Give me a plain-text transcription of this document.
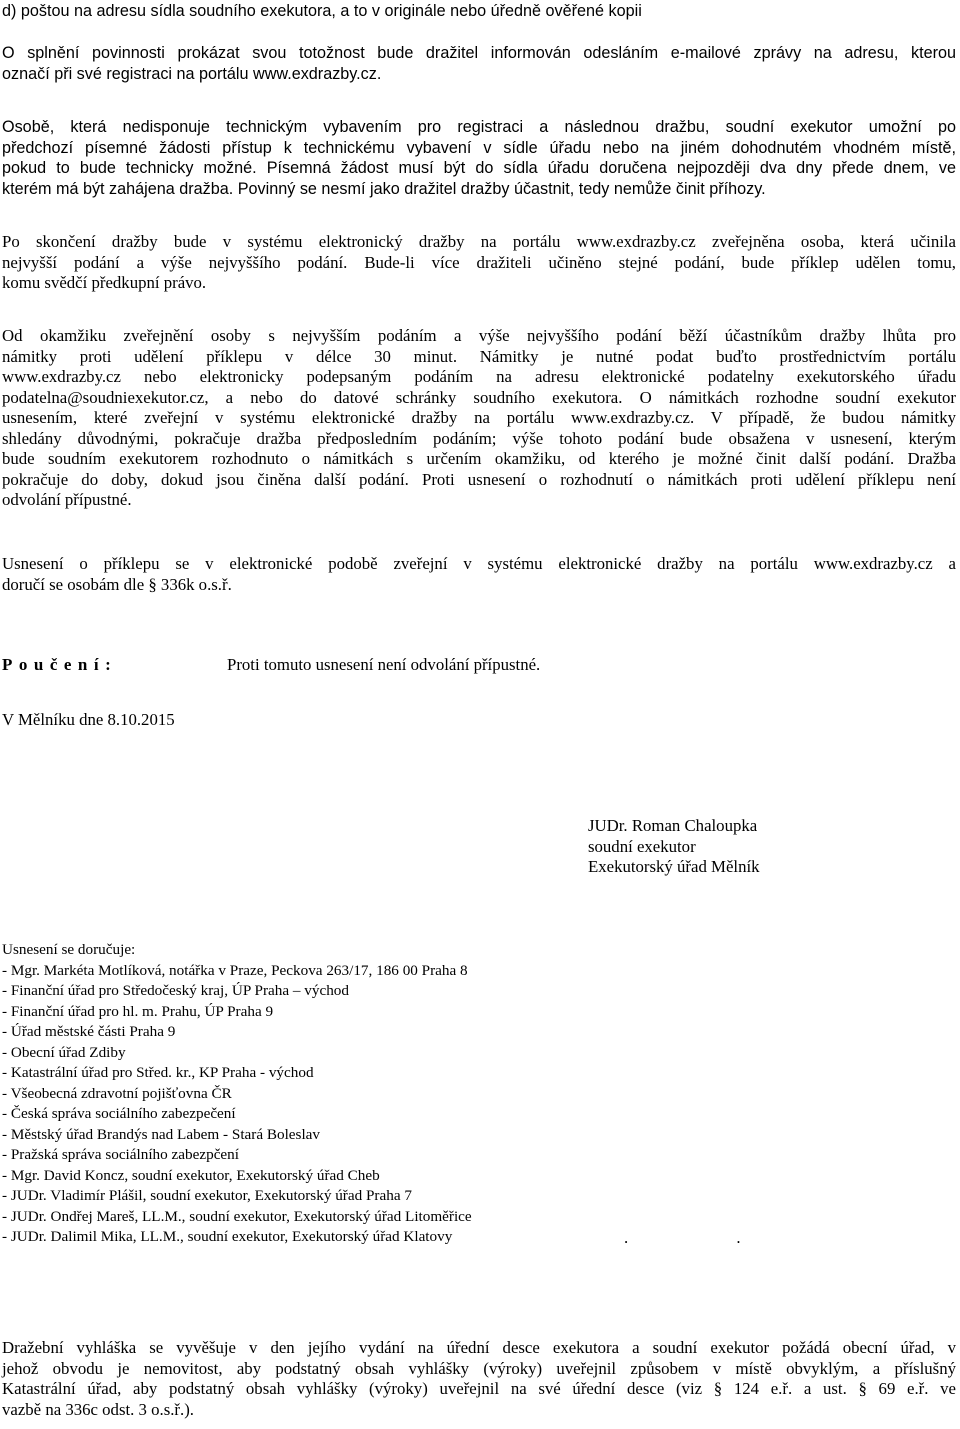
d) poštou na adresu sídla soudního exekutora, a to v originále nebo úředně ověřené kopii
O splnění povinnosti prokázat svou totožnost bude dražitel informován odesláním e-mailové zprávy na adresu, kterou
označí při své registraci na portálu www.exdrazby.cz.
Osobě, která nedisponuje technickým vybavením pro registraci a následnou dražbu, soudní exekutor umožní po
předchozí písemné žádosti přístup k technickému vybavení v sídle úřadu nebo na jiném dohodnutém vhodném místě,
pokud to bude technicky možné. Písemná žádost musí být do sídla úřadu doručena nejpozději dva dny přede dnem, ve
kterém má být zahájena dražba. Povinný se nesmí jako dražitel dražby účastnit, tedy nemůže činit příhozy.
Po skončení dražby bude v systému elektronický dražby na portálu www.exdrazby.cz zveřejněna osoba, která učinila
nejvyšší podání a výše nejvyššího podání. Bude-li více dražiteli učiněno stejné podání, bude příklep udělen tomu,
komu svědčí předkupní právo.
Od okamžiku zveřejnění osoby s nejvyšším podáním a výše nejvyššího podání běží účastníkům dražby lhůta pro
námitky proti udělení příklepu v délce 30 minut. Námitky je nutné podat buďto prostřednictvím portálu
www.exdrazby.cz nebo elektronicky podepsaným podáním na adresu elektronické podatelny exekutorského úřadu
podatelna@soudniexekutor.cz, a nebo do datové schránky soudního exekutora. O námitkách rozhodne soudní exekutor
usnesením, které zveřejní v systému elektronické dražby na portálu www.exdrazby.cz. V případě, že budou námitky
shledány důvodnými, pokračuje dražba předposledním podáním; výše tohoto podání bude obsažena v usnesení, kterým
bude soudním exekutorem rozhodnuto o námitkách s určením okamžiku, od kterého je možné činit další podání. Dražba
pokračuje do doby, dokud jsou činěna další podání. Proti usnesení o rozhodnutí o námitkách proti udělení příklepu není
odvolání přípustné.
Usnesení o příklepu se v elektronické podobě zveřejní v systému elektronické dražby na portálu www.exdrazby.cz a
doručí se osobám dle § 336k o.s.ř.
Poučení:	Proti tomuto usnesení není odvolání přípustné.
V Mělníku dne 8.10.2015
JUDr. Roman Chaloupka
soudní exekutor
Exekutorský úřad Mělník
Usnesení se doručuje:
- Mgr. Markéta Motlíková, notářka v Praze, Peckova 263/17, 186 00 Praha 8
- Finanční úřad pro Středočeský kraj, ÚP Praha – východ
- Finanční úřad pro hl. m. Prahu, ÚP Praha 9
- Úřad městské části Praha 9
- Obecní úřad Zdiby
- Katastrální úřad pro Střed. kr., KP Praha - východ
- Všeobecná zdravotní pojišťovna ČR
- Česká správa sociálního zabezpečení
- Městský úřad Brandýs nad Labem - Stará Boleslav
- Pražská správa sociálního zabezpčení
- Mgr. David Koncz, soudní exekutor, Exekutorský úřad Cheb
- JUDr. Vladimír Plášil, soudní exekutor, Exekutorský úřad Praha 7
- JUDr. Ondřej Mareš, LL.M., soudní exekutor, Exekutorský úřad Litoměřice
- JUDr. Dalimil Mika, LL.M., soudní exekutor, Exekutorský úřad Klatovy	. .
Dražební vyhláška se vyvěšuje v den jejího vydání na úřední desce exekutora a soudní exekutor požádá obecní úřad, v
jehož obvodu je nemovitost, aby podstatný obsah vyhlášky (výroky) uveřejnil způsobem v místě obvyklým, a příslušný
Katastrální úřad, aby podstatný obsah vyhlášky (výroky) uveřejnil na své úřední desce (viz § 124 e.ř. a ust. § 69 e.ř. ve
vazbě na 336c odst. 3 o.s.ř.).
